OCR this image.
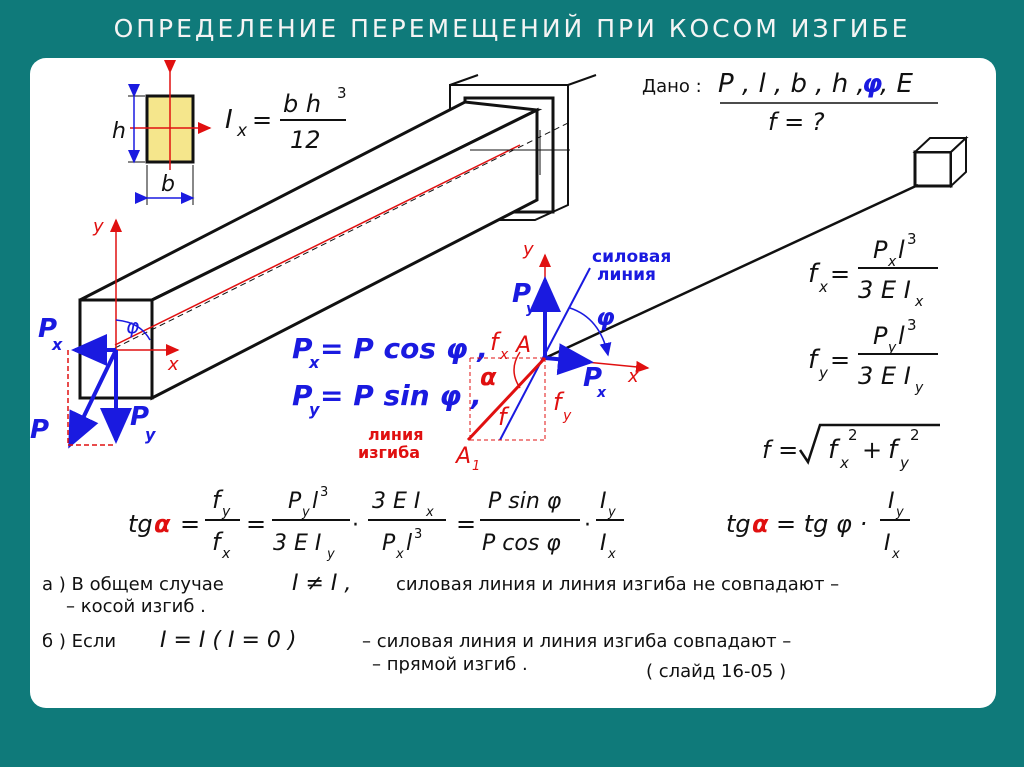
ОПРЕДЕЛЕНИЕ ПЕРЕМЕЩЕНИЙ ПРИ КОСОМ ИЗГИБЕ
h
b
I x =
b h 3
12
y
x
φ
P
P
x
P
y
P
x = P cos φ ,
P
y = P sin φ ,
y
x
P
y
P
x
φ
силовая
линия
f x A
α
f
f y
линия
изгиба A 1
Дано : P , l , b , h ,
φ
, E
f = ?
f x =
P x l 3
3 E I x
f y =
P y l 3
3 E I y
f = f x
2
+ f y
2
tg α =
f y
f x
=
P y l 3
3 E I y
·
3 E I x
P x l 3 =
P sin φ
P cos φ
·
I y
I x
tg α = tg φ ·
I y
I x
а ) В общем случае	I ≠ I , силовая линия и линия изгиба не совпадают –
– косой изгиб .
б ) Если I = I ( I = 0 )	– силовая линия и линия изгиба совпадают –
– прямой изгиб .	( слайд 16-05 )
